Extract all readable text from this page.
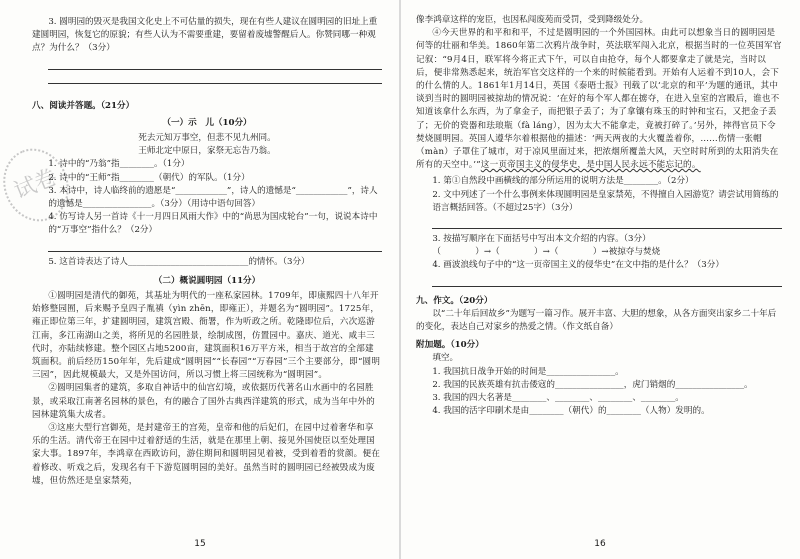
试卷

3. 圆明园的毁灭是我国文化史上不可估量的损失，现在有些人建议在圆明园的旧址上重建圆明园，恢复它的原貌；有些人认为不需要重建，要留着废墟警醒后人。你赞同哪一种观点？为什么？（3分）

八、阅读并答题。（21分）

（一）示　儿（10分）

死去元知万事空，但悲不见九州同。

王师北定中原日，家祭无忘告乃翁。

1. 诗中的“乃翁”指________。（1分）

2. 诗中的“王师”指________（朝代）的军队。（1分）

3. 本诗中，诗人临终前的遗愿是“____________”，诗人的遗憾是“____________”，诗人的遗憾是________________。（3分）（用诗中语句回答）

4. 仿写诗人另一首诗《十一月四日风雨大作》中的“尚思为国戍轮台”一句，说说本诗中的“万事空”指什么？（2分）

5. 这首诗表达了诗人____________________________的情怀。（3分）

（二）概说圆明园（11分）

①圆明园是清代的御苑，其基址为明代的一座私家园林。1709年，即康熙四十八年开始修整园囿，后来赐予皇四子胤禛（yìn zhēn，即雍正），并题名为“圆明园”。1725年，雍正即位第三年，扩建圆明园，建筑宫殿、衙署，作为听政之所。乾隆即位后，六次巡游江南，多江南湖山之美，将所见的名园胜景，绘制成图，仿置园中。嘉庆、道光、咸丰三代时，亦陆续修建。整个园区占地5200亩，建筑面积16万平方米，相当于故宫的全部建筑面积。前后经历150年年，先后建成“圆明园”“长春园”“万春园”三个主要部分，即“圆明三园”，因此规模最大，又是外国访问，所以习惯上将三园统称为“圆明园”。

②圆明园集者的建筑，多取自神话中的仙宫幻境，或依据历代著名山水画中的名园胜景，或采取江南著名园林的景色，有的融合了国外古典西洋建筑的形式，成为当年中外的园林建筑集大成者。

③这座大型行宫御苑，是封建帝王的宫苑，皇帝和他的后妃们，在园中过着奢华和享乐的生活。清代帝王在园中过着舒适的生活，就是在那里上朝、接见外国使臣以至处理国家大事。1897年，李鸿章在西欧访问，游住期间和圆明园见着被，受到着看的赏颜。便在着修改、听戏之后，发现名有千下游览圆明园的美好。虽然当时的圆明园已经被毁成为废墟，但仿然还是皇家禁苑，

15

像李鸿章这样的宠臣，也因私闯废苑而受罚，受到降级处分。

④今天世界的和平和和平，不过是圆明园的一个外国园林。由此可以想象当日的圆明园是何等的壮丽和华美。1860年第二次鸦片战争时，英法联军闯入北京，根据当时的一位英国军官记叙：“9月4日，联军将今将正式下午，可以自由抢夺，每个人都要拿走了就是完，当时以后，便非常熟悉起来，统治军官交这样的一个来的时候能看到。开始有人运着不到10人，会下的什么情的人。1861年1月14日，英国《泰晤士报》刊载了以‘北京的和平’为题的通讯，其中谈到当时的圆明园被掠劫的情况说：‘在好的每个军人都在掳夺，在进入皇室的宫殿后，谁也不知道该拿什么东西，为了拿金子，而把银子丢了；为了拿镶有珠玉的时钟和宝石，又把金子丢了；无价的瓷器和珐琅瓶（fà láng），因为太大不能拿走，竟被打碎了。’另外，摔得官员下令焚烧圆明园。英国人遵华尔着根据他的描述：‘两天两夜的大火覆盖着你，……伤情一张帽（màn）子罩住了城市，对于凉风里面过来，把浓烟所覆盖大风，天空时时所到的太阳消失在所有的天空中。’”这一页帝国主义的侵华史，是中国人民永远不能忘记的。

1. 第①自然段中画横线的部分所运用的说明方法是________。（2分）

2. 文中列述了一个什么事例来体现圆明园是皇家禁苑，不得擅自入园游览？请尝试用简练的语言概括回答。（不超过25字）（3分）

3. 按描写顺序在下面括号中写出本文介绍的内容。（3分）

（　　　　）→（　　　　）→（　　　　）→被掠夺与焚烧

4. 画波浪线句子中的“这一页帝国主义的侵华史”在文中指的是什么？（3分）

九、作文。（20分）

以“二十年后回故乡”为题写一篇习作。展开丰富、大胆的想象，从各方面突出家乡二十年后的变化，表达自己对家乡的热爱之情。（作文纸自备）

附加题。（10分）

填空。

1. 我国抗日战争开始的时间是________________。

2. 我国的民族英雄有抗击倭寇的________________，虎门销烟的________________。

3. 我国的四大名著是________、________、________、________。

4. 我国的活字印刷术是由________（朝代）的________（人物）发明的。

16
